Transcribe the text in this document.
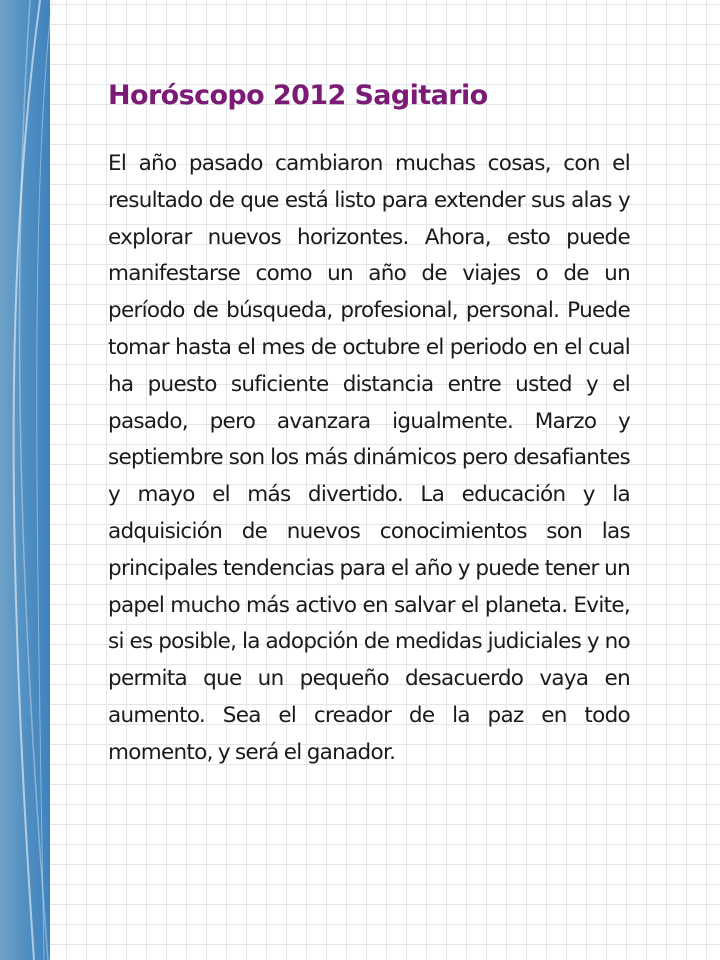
Horóscopo 2012 Sagitario

El año pasado cambiaron muchas cosas, con el resultado de que está listo para extender sus alas y explorar nuevos horizontes. Ahora, esto puede manifestarse como un año de viajes o de un período de búsqueda, profesional, personal. Puede tomar hasta el mes de octubre el periodo en el cual ha puesto suficiente distancia entre usted y el pasado, pero avanzara igualmente. Marzo y septiembre son los más dinámicos pero desafiantes y mayo el más divertido. La educación y la adquisición de nuevos conocimientos son las principales tendencias para el año y puede tener un papel mucho más activo en salvar el planeta. Evite, si es posible, la adopción de medidas judiciales y no permita que un pequeño desacuerdo vaya en aumento. Sea el creador de la paz en todo momento, y será el ganador.
